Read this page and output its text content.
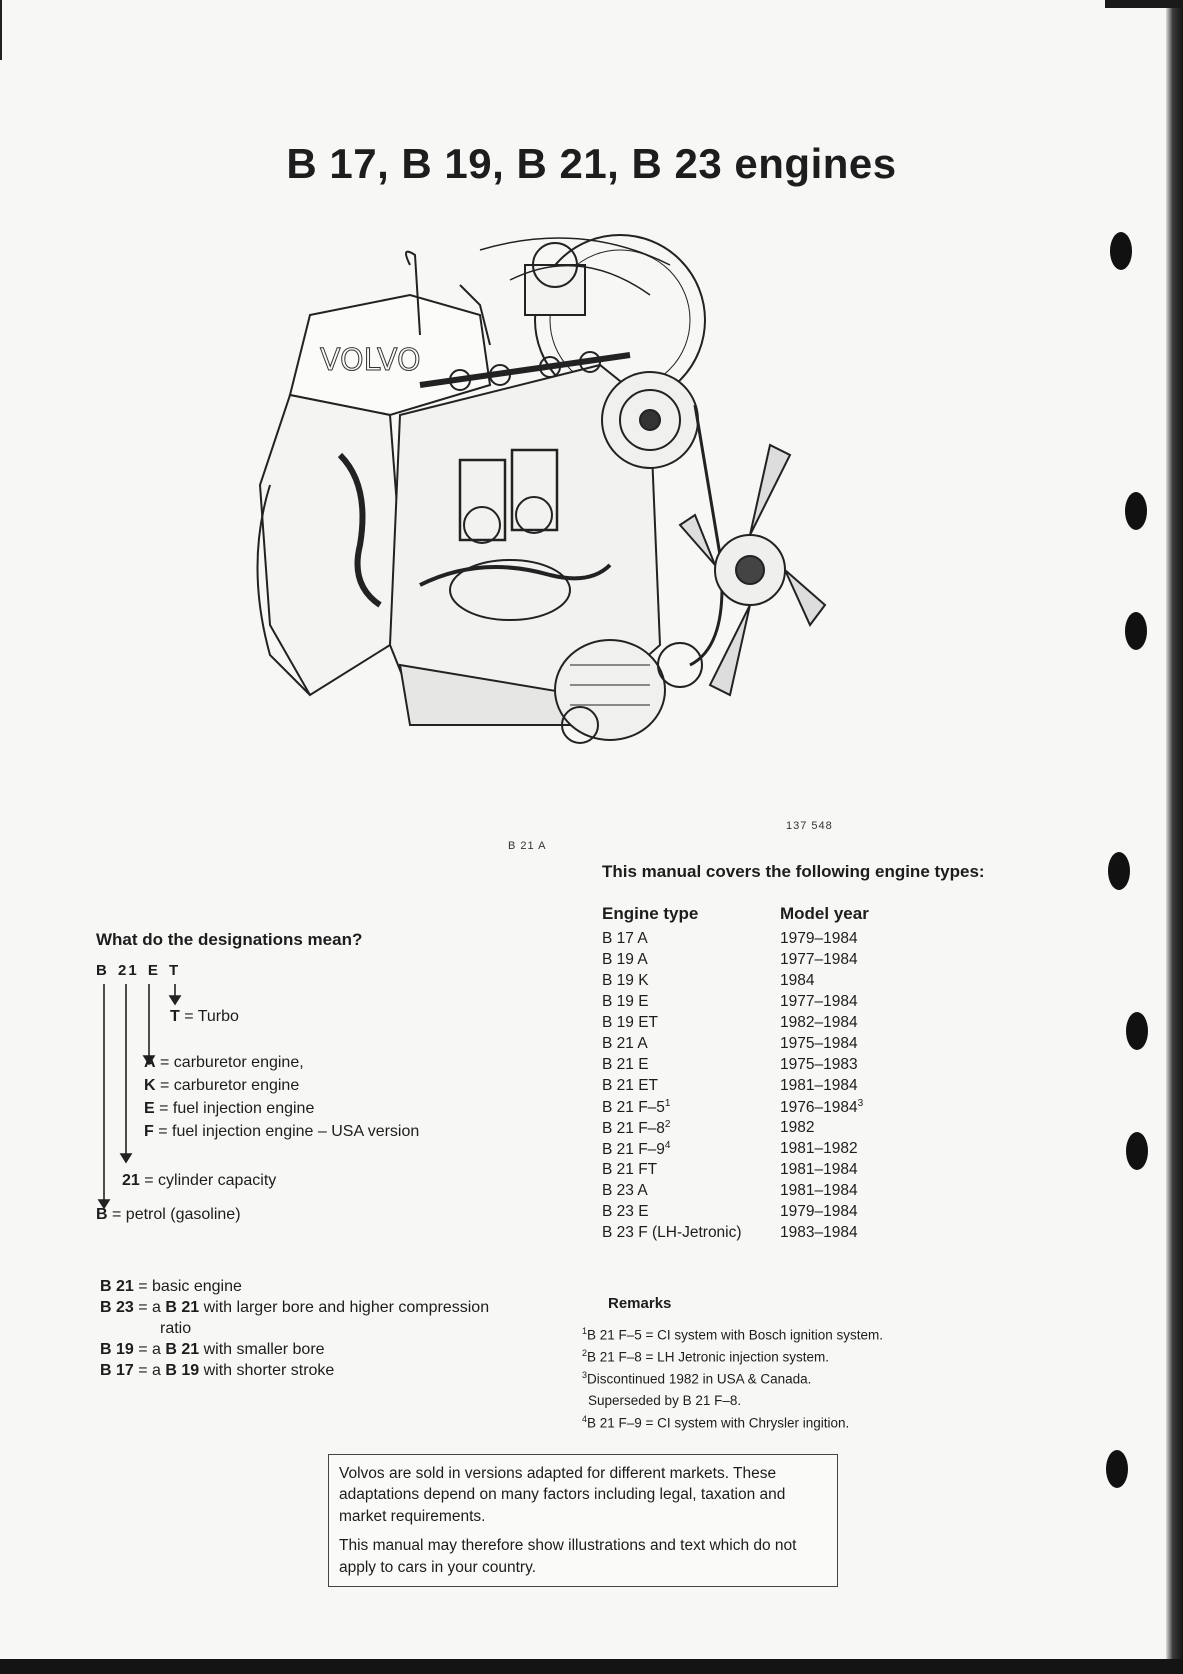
B 17, B 19, B 21, B 23 engines
VOLVO
B 21 A
137 548
This manual covers the following engine types:
Engine type	Model year
B 17 A	1979–1984
B 19 A	1977–1984
B 19 K	1984
B 19 E	1977–1984
B 19 ET	1982–1984
B 21 A	1975–1984
B 21 E	1975–1983
B 21 ET	1981–1984
B 21 $F-5^1$	1976–1984$^3$
B 21 $F-8^2$	1982
B 21 $F-9^4$	1981–1982
B 21 FT	1981–1984
B 23 A	1981–1984
B 23 E	1979–1984
B 23 F (LH-Jetronic)	1983–1984
What do the designations mean?
B 21 E T
T = Turbo
A = carburetor engine,
K = carburetor engine
E = fuel injection engine
F = fuel injection engine – USA version
21 = cylinder capacity
B = petrol (gasoline)
B 21 = basic engine
B 23 = a B 21 with larger bore and higher compression
ratio
B 19 = a B 21 with smaller bore
B 17 = a B 19 with shorter stroke
Remarks
$^1$B 21 F–5 = CI system with Bosch ignition system.
$^2$B 21 F–8 = LH Jetronic injection system.
$^3$Discontinued 1982 in USA & Canada.
Superseded by B 21 F–8.
$^4$B 21 F–9 = CI system with Chrysler ingition.

Volvos are sold in versions adapted for different markets. These adaptations depend on many factors including legal, taxation and market requirements.

This manual may therefore show illustrations and text which do not apply to cars in your country.
